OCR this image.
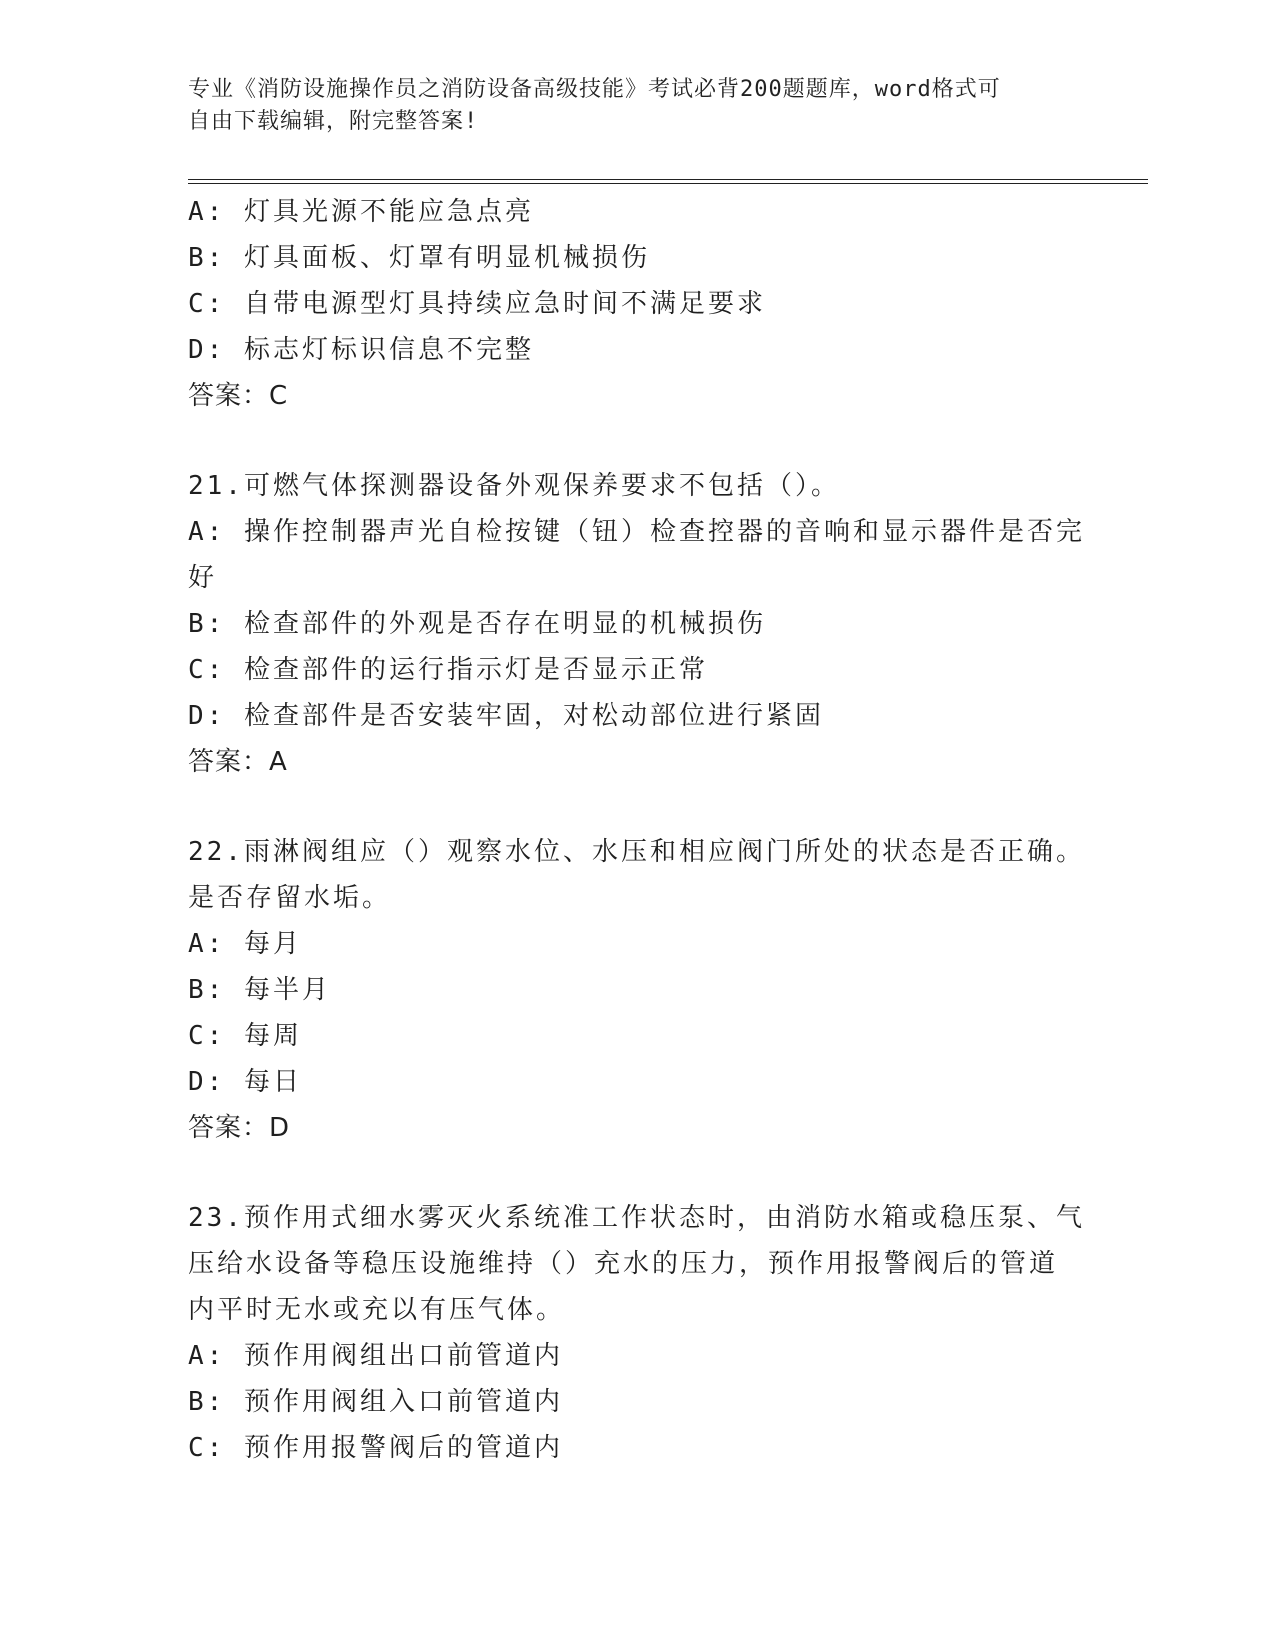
专业《消防设施操作员之消防设备高级技能》考试必背200题题库，word格式可
自由下载编辑，附完整答案!
A: 灯具光源不能应急点亮
B: 灯具面板、灯罩有明显机械损伤
C: 自带电源型灯具持续应急时间不满足要求
D: 标志灯标识信息不完整
答案：C
21.可燃气体探测器设备外观保养要求不包括（）。
A: 操作控制器声光自检按键（钮）检查控器的音响和显示器件是否完
好
B: 检查部件的外观是否存在明显的机械损伤
C: 检查部件的运行指示灯是否显示正常
D: 检查部件是否安装牢固，对松动部位进行紧固
答案：A
22.雨淋阀组应（）观察水位、水压和相应阀门所处的状态是否正确。
是否存留水垢。
A: 每月
B: 每半月
C: 每周
D: 每日
答案：D
23.预作用式细水雾灭火系统准工作状态时，由消防水箱或稳压泵、气
压给水设备等稳压设施维持（）充水的压力，预作用报警阀后的管道
内平时无水或充以有压气体。
A: 预作用阀组出口前管道内
B: 预作用阀组入口前管道内
C: 预作用报警阀后的管道内
